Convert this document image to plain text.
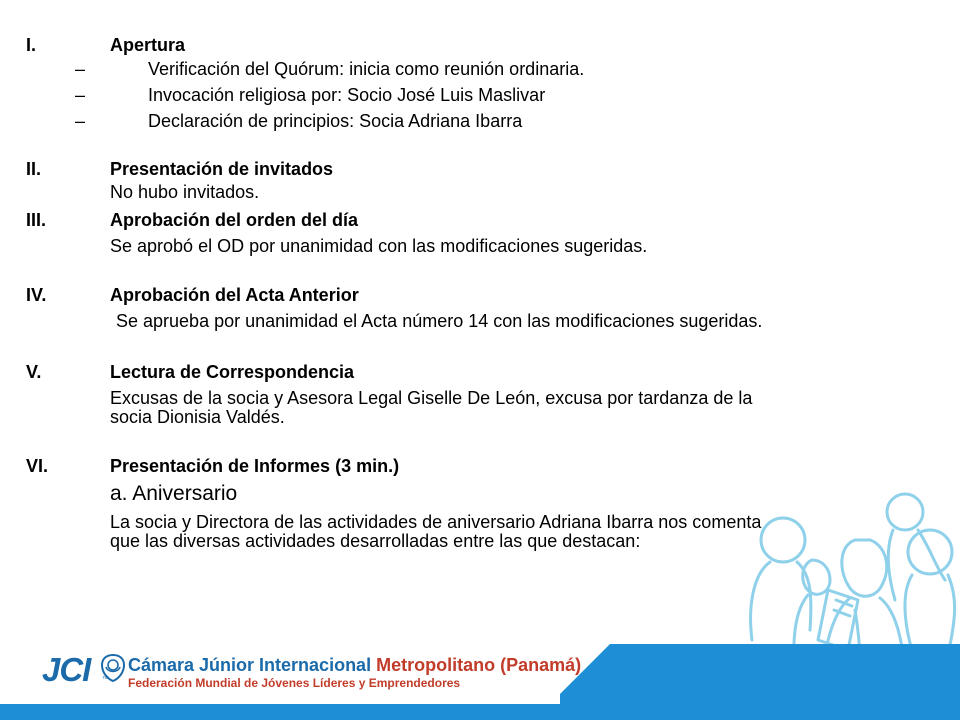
I.	Apertura
–	Verificación del Quórum: inicia como reunión ordinaria.
–	Invocación religiosa por: Socio José Luis Maslivar
–	Declaración de principios: Socia Adriana Ibarra
II.	Presentación de invitados
No hubo invitados.
III.	Aprobación del orden del día
Se aprobó el OD por unanimidad con las modificaciones sugeridas.
IV.	Aprobación del Acta Anterior
Se aprueba por unanimidad el Acta número 14 con las modificaciones sugeridas.
V.	Lectura de Correspondencia
Excusas de la socia y Asesora Legal Giselle De León, excusa por tardanza de la
socia Dionisia Valdés.
VI.	Presentación de Informes (3 min.)
a. Aniversario
La socia y Directora de las actividades de aniversario Adriana Ibarra nos comenta
que las diversas actividades desarrolladas entre las que destacan:
JCI ™
Cámara Júnior Internacional Metropolitano (Panamá)
Federación Mundial de Jóvenes Líderes y Emprendedores
